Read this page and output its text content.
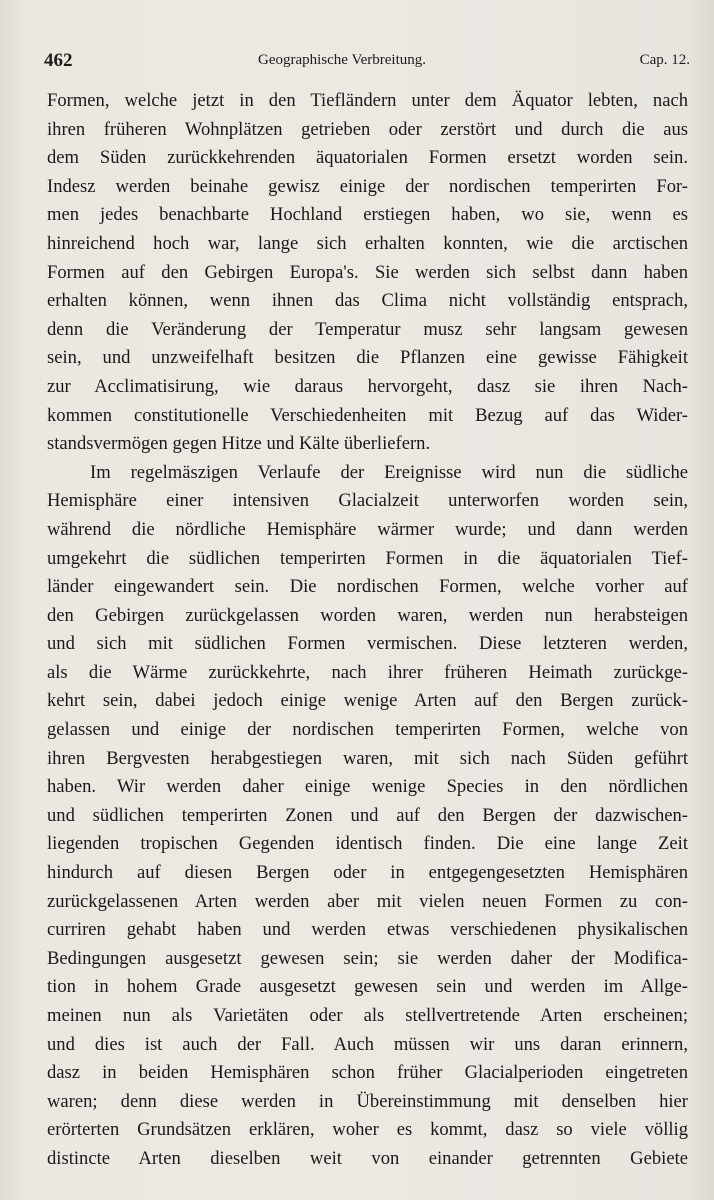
462	Geographische Verbreitung.	Cap. 12.
Formen, welche jetzt in den Tiefländern unter dem Äquator lebten, nach
ihren früheren Wohnplätzen getrieben oder zerstört und durch die aus
dem Süden zurückkehrenden äquatorialen Formen ersetzt worden sein.
Indesz werden beinahe gewisz einige der nordischen temperirten For-
men jedes benachbarte Hochland erstiegen haben, wo sie, wenn es
hinreichend hoch war, lange sich erhalten konnten, wie die arctischen
Formen auf den Gebirgen Europa's. Sie werden sich selbst dann haben
erhalten können, wenn ihnen das Clima nicht vollständig entsprach,
denn die Veränderung der Temperatur musz sehr langsam gewesen
sein, und unzweifelhaft besitzen die Pflanzen eine gewisse Fähigkeit
zur Acclimatisirung, wie daraus hervorgeht, dasz sie ihren Nach-
kommen constitutionelle Verschiedenheiten mit Bezug auf das Wider-
standsvermögen gegen Hitze und Kälte überliefern.
Im regelmäszigen Verlaufe der Ereignisse wird nun die südliche
Hemisphäre einer intensiven Glacialzeit unterworfen worden sein,
während die nördliche Hemisphäre wärmer wurde; und dann werden
umgekehrt die südlichen temperirten Formen in die äquatorialen Tief-
länder eingewandert sein. Die nordischen Formen, welche vorher auf
den Gebirgen zurückgelassen worden waren, werden nun herabsteigen
und sich mit südlichen Formen vermischen. Diese letzteren werden,
als die Wärme zurückkehrte, nach ihrer früheren Heimath zurückge-
kehrt sein, dabei jedoch einige wenige Arten auf den Bergen zurück-
gelassen und einige der nordischen temperirten Formen, welche von
ihren Bergvesten herabgestiegen waren, mit sich nach Süden geführt
haben. Wir werden daher einige wenige Species in den nördlichen
und südlichen temperirten Zonen und auf den Bergen der dazwischen-
liegenden tropischen Gegenden identisch finden. Die eine lange Zeit
hindurch auf diesen Bergen oder in entgegengesetzten Hemisphären
zurückgelassenen Arten werden aber mit vielen neuen Formen zu con-
curriren gehabt haben und werden etwas verschiedenen physikalischen
Bedingungen ausgesetzt gewesen sein; sie werden daher der Modifica-
tion in hohem Grade ausgesetzt gewesen sein und werden im Allge-
meinen nun als Varietäten oder als stellvertretende Arten erscheinen;
und dies ist auch der Fall. Auch müssen wir uns daran erinnern,
dasz in beiden Hemisphären schon früher Glacialperioden eingetreten
waren; denn diese werden in Übereinstimmung mit denselben hier
erörterten Grundsätzen erklären, woher es kommt, dasz so viele völlig
distincte Arten dieselben weit von einander getrennten Gebiete
